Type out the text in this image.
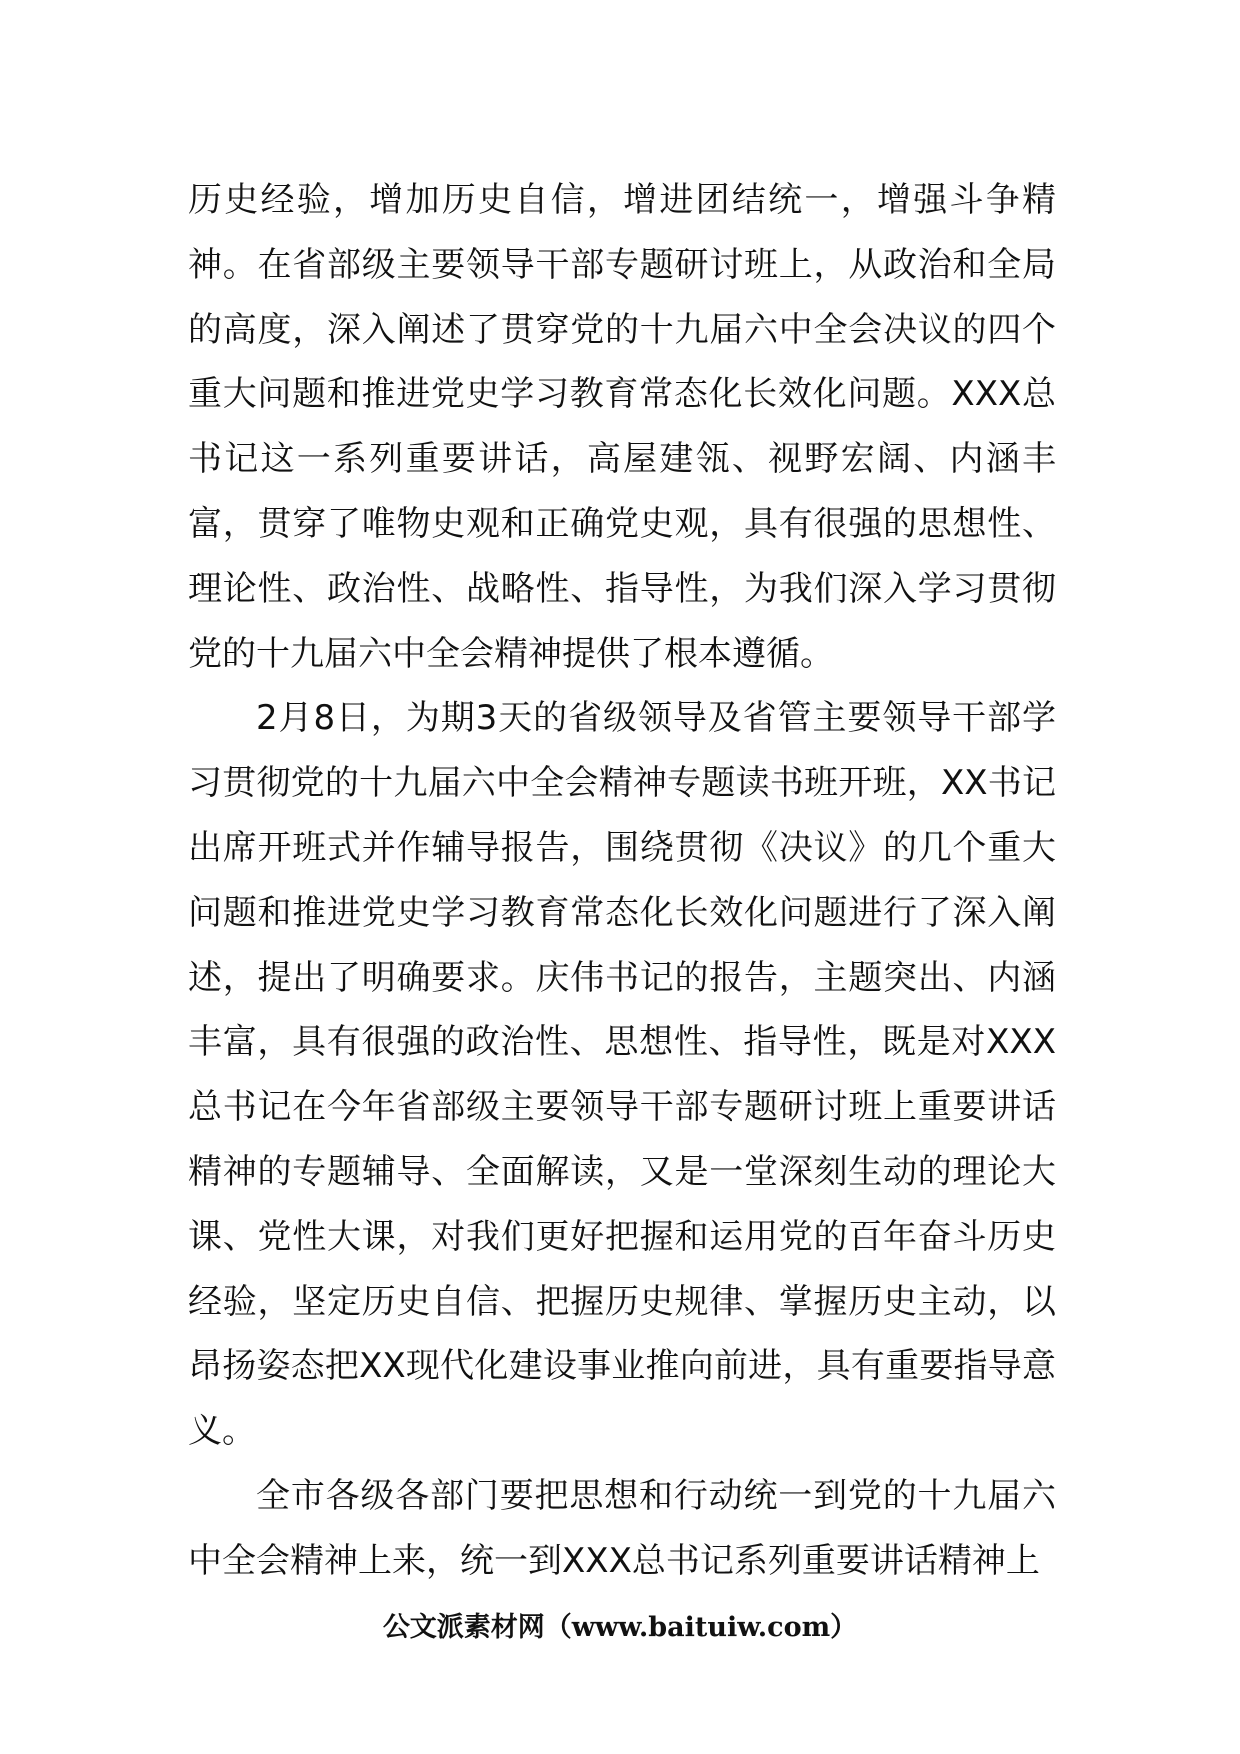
历史经验，增加历史自信，增进团结统一，增强斗争精神。在省部级主要领导干部专题研讨班上，从政治和全局的高度，深入阐述了贯穿党的十九届六中全会决议的四个重大问题和推进党史学习教育常态化长效化问题。XXX总书记这一系列重要讲话，高屋建瓴、视野宏阔、内涵丰富，贯穿了唯物史观和正确党史观，具有很强的思想性、理论性、政治性、战略性、指导性，为我们深入学习贯彻党的十九届六中全会精神提供了根本遵循。

2月8日，为期3天的省级领导及省管主要领导干部学习贯彻党的十九届六中全会精神专题读书班开班，XX书记出席开班式并作辅导报告，围绕贯彻《决议》的几个重大问题和推进党史学习教育常态化长效化问题进行了深入阐述，提出了明确要求。庆伟书记的报告，主题突出、内涵丰富，具有很强的政治性、思想性、指导性，既是对XXX总书记在今年省部级主要领导干部专题研讨班上重要讲话精神的专题辅导、全面解读，又是一堂深刻生动的理论大课、党性大课，对我们更好把握和运用党的百年奋斗历史经验，坚定历史自信、把握历史规律、掌握历史主动，以昂扬姿态把XX现代化建设事业推向前进，具有重要指导意义。

全市各级各部门要把思想和行动统一到党的十九届六中全会精神上来，统一到XXX总书记系列重要讲话精神上

公文派素材网（www.baituiw.com）
